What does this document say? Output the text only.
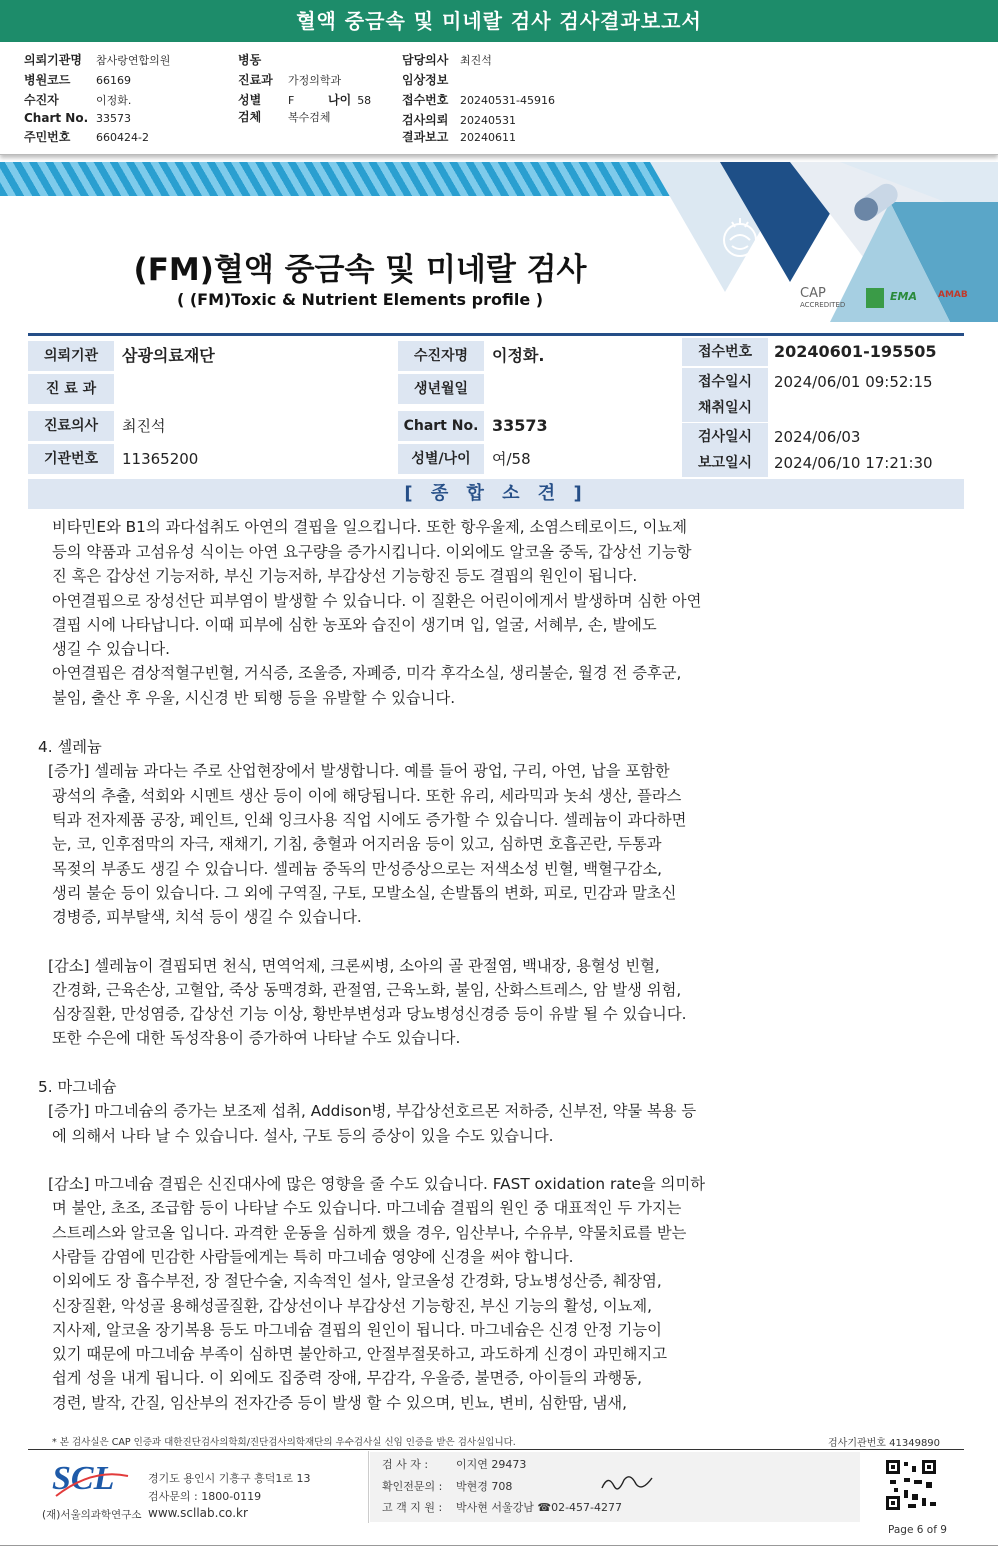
혈액 중금속 및 미네랄 검사 검사결과보고서
의뢰기관명 참사랑연합의원
병원코드 66169
수진자	이정화.
Chart No. 33573
주민번호 660424-2
병동
진료과 가정의학과
성별 F	나이 58
검체 복수검체
담당의사 최진석
임상정보
접수번호 20240531-45916
검사의뢰 20240531
결과보고 20240611
(FM)혈액 중금속 및 미네랄 검사
( (FM)Toxic & Nutrient Elements profile )	CAP
ACCREDITED
EMA AMAB
의뢰기관	삼광의료재단	수진자명	이정화.
진 료 과	생년월일
진료의사	최진석	Chart No. 33573
기관번호	11365200	성별/나이	여/58
접수번호	20240601-195505
접수일시	2024/06/01 09:52:15
채취일시
검사일시	2024/06/03
보고일시	2024/06/10 17:21:30
[ 종 합 소 견 ]
비타민E와 B1의 과다섭취도 아연의 결핍을 일으킵니다. 또한 항우울제, 소염스테로이드, 이뇨제
등의 약품과 고섬유성 식이는 아연 요구량을 증가시킵니다. 이외에도 알코올 중독, 갑상선 기능항
진 혹은 갑상선 기능저하, 부신 기능저하, 부갑상선 기능항진 등도 결핍의 원인이 됩니다.
아연결핍으로 장성선단 피부염이 발생할 수 있습니다. 이 질환은 어린이에게서 발생하며 심한 아연
결핍 시에 나타납니다. 이때 피부에 심한 농포와 습진이 생기며 입, 얼굴, 서혜부, 손, 발에도
생길 수 있습니다.
아연결핍은 겸상적혈구빈혈, 거식증, 조울증, 자폐증, 미각 후각소실, 생리불순, 월경 전 증후군,
불임, 출산 후 우울, 시신경 반 퇴행 등을 유발할 수 있습니다.
4. 셀레늄
[증가] 셀레늄 과다는 주로 산업현장에서 발생합니다. 예를 들어 광업, 구리, 아연, 납을 포함한
광석의 추출, 석회와 시멘트 생산 등이 이에 해당됩니다. 또한 유리, 세라믹과 놋쇠 생산, 플라스
틱과 전자제품 공장, 페인트, 인쇄 잉크사용 직업 시에도 증가할 수 있습니다. 셀레늄이 과다하면
눈, 코, 인후점막의 자극, 재채기, 기침, 충혈과 어지러움 등이 있고, 심하면 호흡곤란, 두통과
목젖의 부종도 생길 수 있습니다. 셀레늄 중독의 만성증상으로는 저색소성 빈혈, 백혈구감소,
생리 불순 등이 있습니다. 그 외에 구역질, 구토, 모발소실, 손발톱의 변화, 피로, 민감과 말초신
경병증, 피부탈색, 치석 등이 생길 수 있습니다.
[감소] 셀레늄이 결핍되면 천식, 면역억제, 크론씨병, 소아의 골 관절염, 백내장, 용혈성 빈혈,
간경화, 근육손상, 고혈압, 죽상 동맥경화, 관절염, 근육노화, 불임, 산화스트레스, 암 발생 위험,
심장질환, 만성염증, 갑상선 기능 이상, 황반부변성과 당뇨병성신경증 등이 유발 될 수 있습니다.
또한 수은에 대한 독성작용이 증가하여 나타날 수도 있습니다.
5. 마그네슘
[증가] 마그네슘의 증가는 보조제 섭취, Addison병, 부갑상선호르몬 저하증, 신부전, 약물 복용 등
에 의해서 나타 날 수 있습니다. 설사, 구토 등의 증상이 있을 수도 있습니다.
[감소] 마그네슘 결핍은 신진대사에 많은 영향을 줄 수도 있습니다. FAST oxidation rate을 의미하
며 불안, 초조, 조급함 등이 나타날 수도 있습니다. 마그네슘 결핍의 원인 중 대표적인 두 가지는
스트레스와 알코올 입니다. 과격한 운동을 심하게 했을 경우, 임산부나, 수유부, 약물치료를 받는
사람들 감염에 민감한 사람들에게는 특히 마그네슘 영양에 신경을 써야 합니다.
이외에도 장 흡수부전, 장 절단수술, 지속적인 설사, 알코올성 간경화, 당뇨병성산증, 췌장염,
신장질환, 악성골 용해성골질환, 갑상선이나 부갑상선 기능항진, 부신 기능의 활성, 이뇨제,
지사제, 알코올 장기복용 등도 마그네슘 결핍의 원인이 됩니다. 마그네슘은 신경 안정 기능이
있기 때문에 마그네슘 부족이 심하면 불안하고, 안절부절못하고, 과도하게 신경이 과민해지고
쉽게 성을 내게 됩니다. 이 외에도 집중력 장애, 무감각, 우울증, 불면증, 아이들의 과행동,
경련, 발작, 간질, 임산부의 전자간증 등이 발생 할 수 있으며, 빈뇨, 변비, 심한땀, 냄새,
* 본 검사실은 CAP 인증과 대한진단검사의학회/진단검사의학재단의 우수검사실 신임 인증을 받은 검사실입니다.	검사기관번호 41349890
SCL
(재)서울의과학연구소
경기도 용인시 기흥구 흥덕1로 13
검사문의 : 1800-0119
www.scllab.co.kr
검 사 자 :	이지연 29473
확인전문의 : 박현경 708
고 객 지 원 : 박사현 서울강남 ☎02-457-4277
Page 6 of 9
